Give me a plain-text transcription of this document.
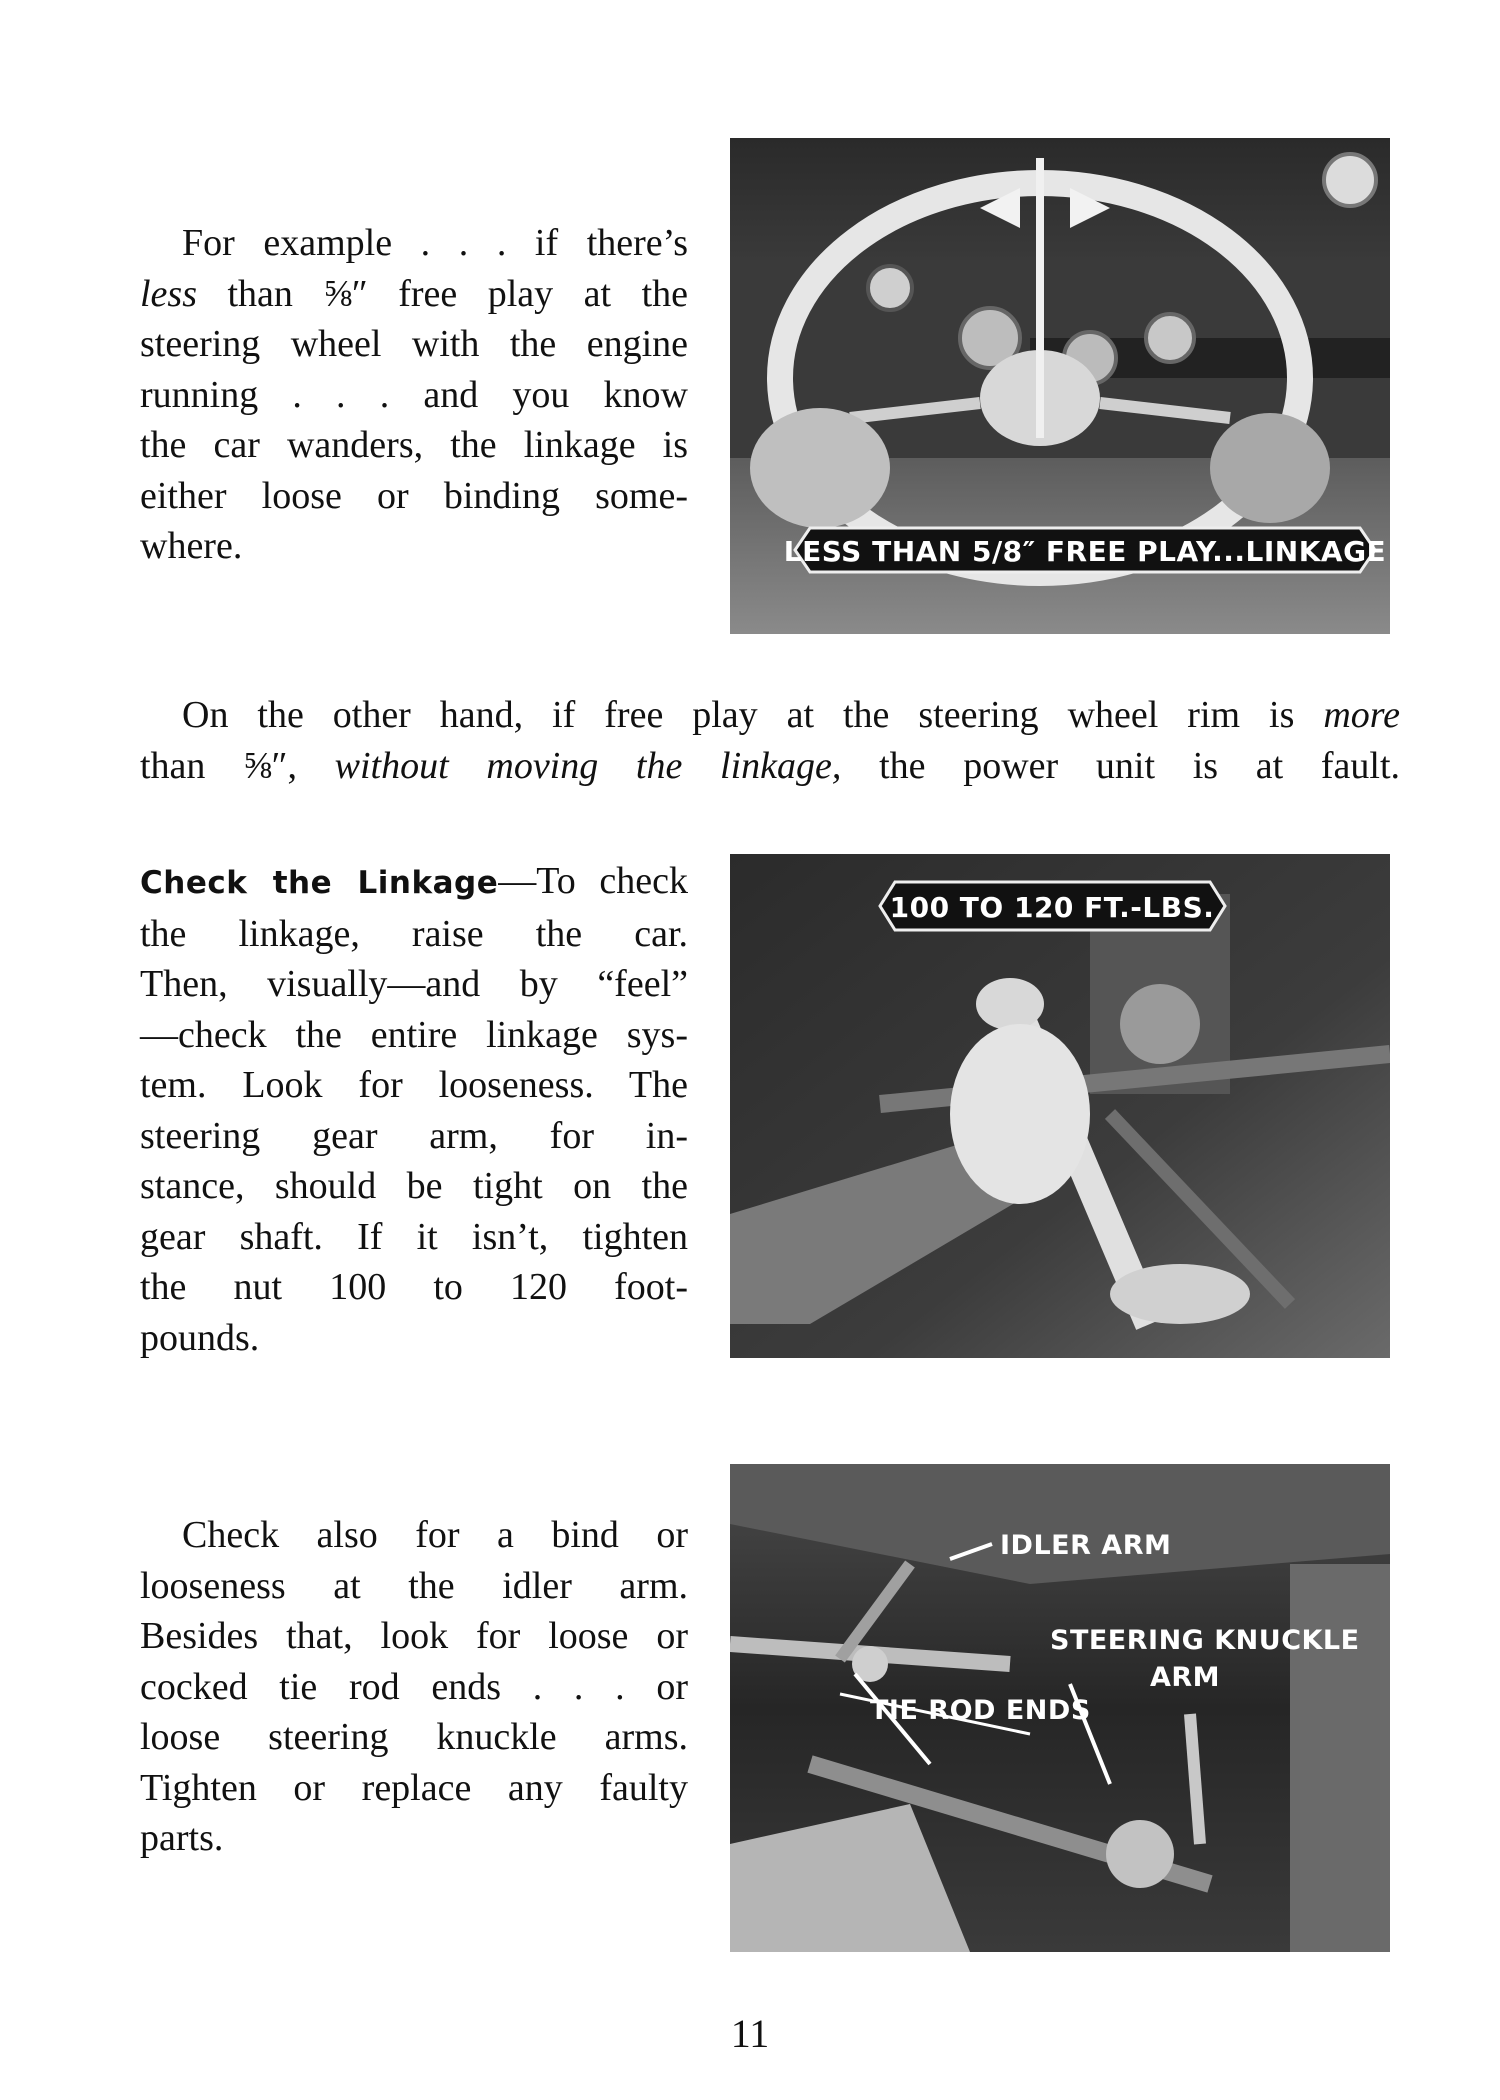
For example . . . if there’s
less than ⅝″ free play at the
steering wheel with the engine
running . . . and you know
the car wanders, the linkage is
either loose or binding some-
where.	LESS THAN 5/8″ FREE PLAY...LINKAGE
On the other hand, if free play at the steering wheel rim is more
than ⅝″, without moving the linkage, the power unit is at fault.
Check the Linkage—To check
the linkage, raise the car.
Then, visually—and by “feel”
—check the entire linkage sys-
tem. Look for looseness. The
steering gear arm, for in-
stance, should be tight on the
gear shaft. If it isn’t, tighten
the nut 100 to 120 foot-
pounds.
100 TO 120 FT.-LBS.
Check also for a bind or
looseness at the idler arm.
Besides that, look for loose or
cocked tie rod ends . . . or
loose steering knuckle arms.
Tighten or replace any faulty
parts.
IDLER ARM
STEERING KNUCKLE
ARM
TIE ROD ENDS
11
